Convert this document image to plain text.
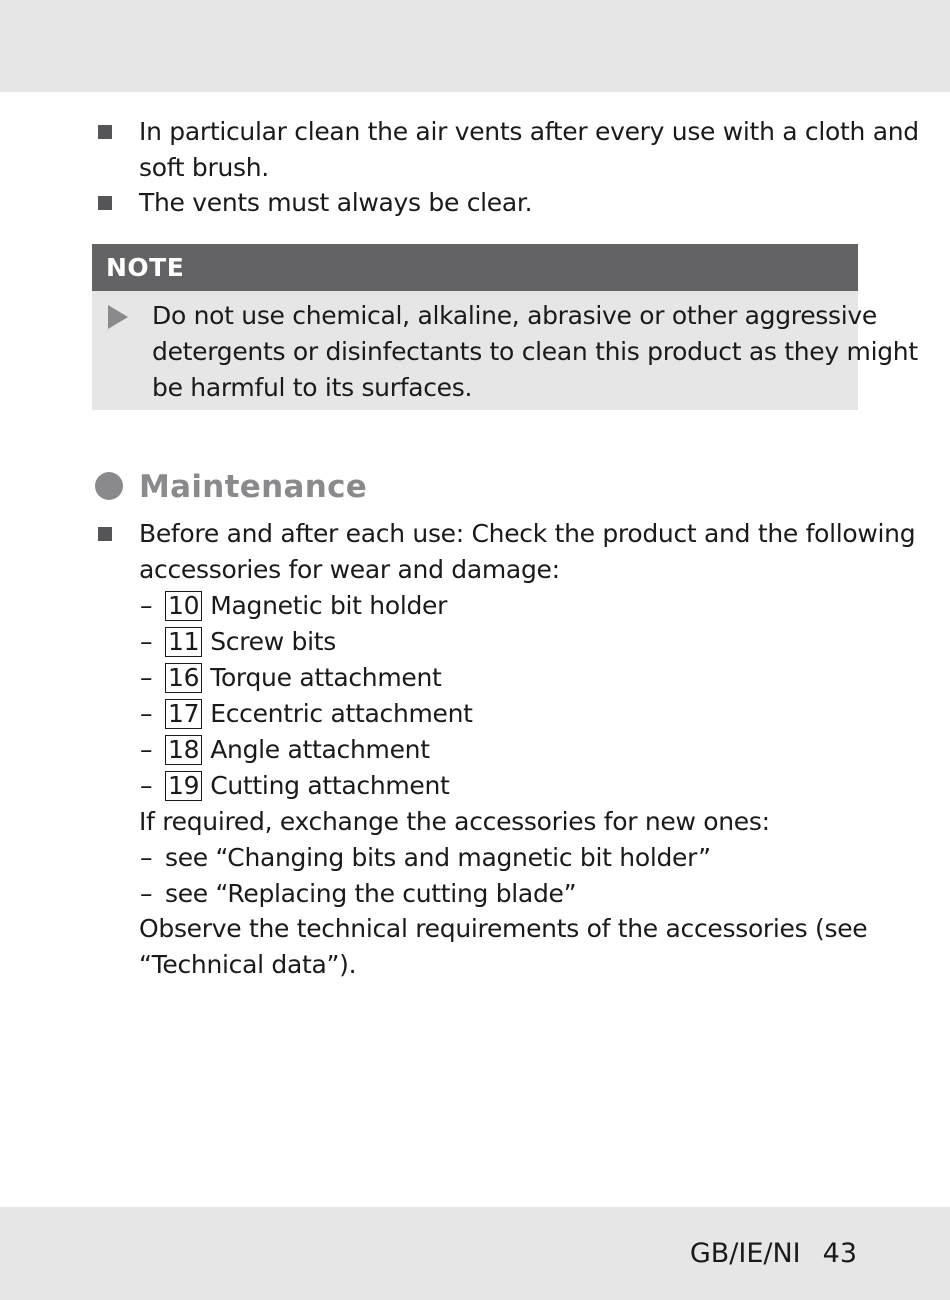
In particular clean the air vents after every use with a cloth and
soft brush.
The vents must always be clear.
NOTE
Do not use chemical, alkaline, abrasive or other aggressive
detergents or disinfectants to clean this product as they might
be harmful to its surfaces.
Maintenance
Before and after each use: Check the product and the following
accessories for wear and damage:
– 10 Magnetic bit holder
– 11 Screw bits
– 16 Torque attachment
– 17 Eccentric attachment
– 18 Angle attachment
– 19 Cutting attachment
If required, exchange the accessories for new ones:
– see “Changing bits and magnetic bit holder”
– see “Replacing the cutting blade”
Observe the technical requirements of the accessories (see
“Technical data”).
GB/IE/NI 43
